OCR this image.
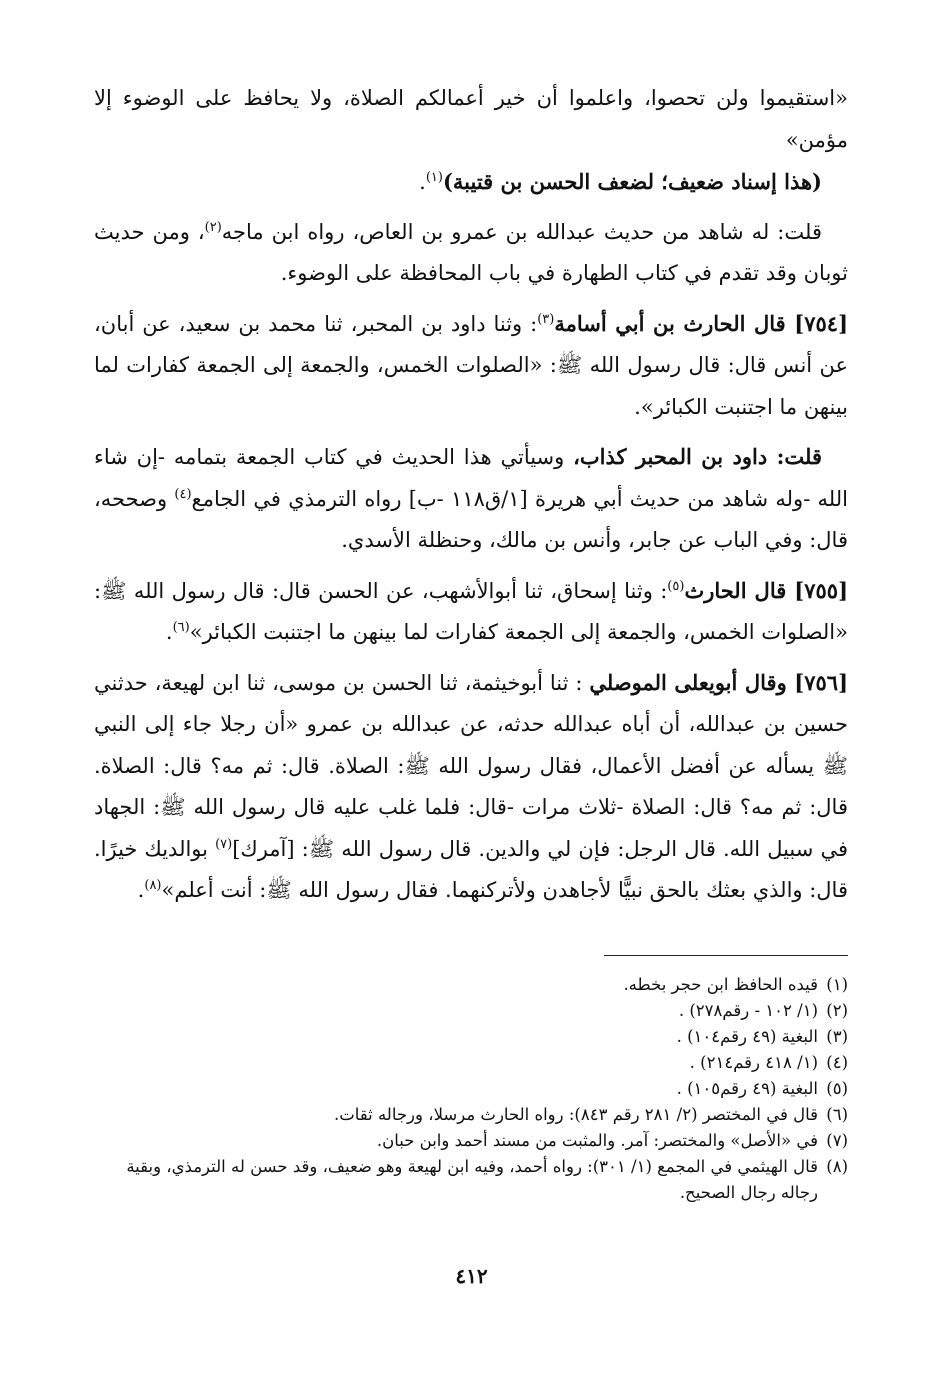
«استقيموا ولن تحصوا، واعلموا أن خير أعمالكم الصلاة، ولا يحافظ على الوضوء إلا مؤمن»

(هذا إسناد ضعيف؛ لضعف الحسن بن قتيبة)$^{(١)}$.

قلت: له شاهد من حديث عبدالله بن عمرو بن العاص، رواه ابن ماجه$^{(٢)}$، ومن حديث ثوبان وقد تقدم في كتاب الطهارة في باب المحافظة على الوضوء.

[٧٥٤] قال الحارث بن أبي أسامة$^{(٣)}$: وثنا داود بن المحبر، ثنا محمد بن سعيد، عن أبان، عن أنس قال: قال رسول الله ﷺ: «الصلوات الخمس، والجمعة إلى الجمعة كفارات لما بينهن ما اجتنبت الكبائر».

قلت: داود بن المحبر كذاب، وسيأتي هذا الحديث في كتاب الجمعة بتمامه -إن شاء الله -وله شاهد من حديث أبي هريرة [١/ق١١٨ -ب] رواه الترمذي في الجامع$^{(٤)}$ وصححه، قال: وفي الباب عن جابر، وأنس بن مالك، وحنظلة الأسدي.

[٧٥٥] قال الحارث$^{(٥)}$: وثنا إسحاق، ثنا أبوالأشهب، عن الحسن قال: قال رسول الله ﷺ: «الصلوات الخمس، والجمعة إلى الجمعة كفارات لما بينهن ما اجتنبت الكبائر»$^{(٦)}$.

[٧٥٦] وقال أبويعلى الموصلي : ثنا أبوخيثمة، ثنا الحسن بن موسى، ثنا ابن لهيعة، حدثني حسين بن عبدالله، أن أباه عبدالله حدثه، عن عبدالله بن عمرو «أن رجلا جاء إلى النبي ﷺ يسأله عن أفضل الأعمال، فقال رسول الله ﷺ: الصلاة. قال: ثم مه؟ قال: الصلاة. قال: ثم مه؟ قال: الصلاة -ثلاث مرات -قال: فلما غلب عليه قال رسول الله ﷺ: الجهاد في سبيل الله. قال الرجل: فإن لي والدين. قال رسول الله ﷺ: [آمرك]$^{(٧)}$ بوالديك خيرًا. قال: والذي بعثك بالحق نبيًّا لأجاهدن ولأتركنهما. فقال رسول الله ﷺ: أنت أعلم»$^{(٨)}$.

(١)
قيده الحافظ ابن حجر بخطه.
(٢)
(١/ ١٠٢ - رقم٢٧٨) .
(٣)
البغية (٤٩ رقم١٠٤) .
(٤)
(١/ ٤١٨ رقم٢١٤) .
(٥)
البغية (٤٩ رقم١٠٥) .
(٦)
قال في المختصر (٢/ ٢٨١ رقم ٨٤٣): رواه الحارث مرسلا، ورجاله ثقات.
(٧)
في «الأصل» والمختصر: آمر. والمثبت من مسند أحمد وابن حبان.
(٨)
قال الهيثمي في المجمع (١/ ٣٠١): رواه أحمد، وفيه ابن لهيعة وهو ضعيف، وقد حسن له الترمذي، وبقية رجاله رجال الصحيح.
٤١٢
